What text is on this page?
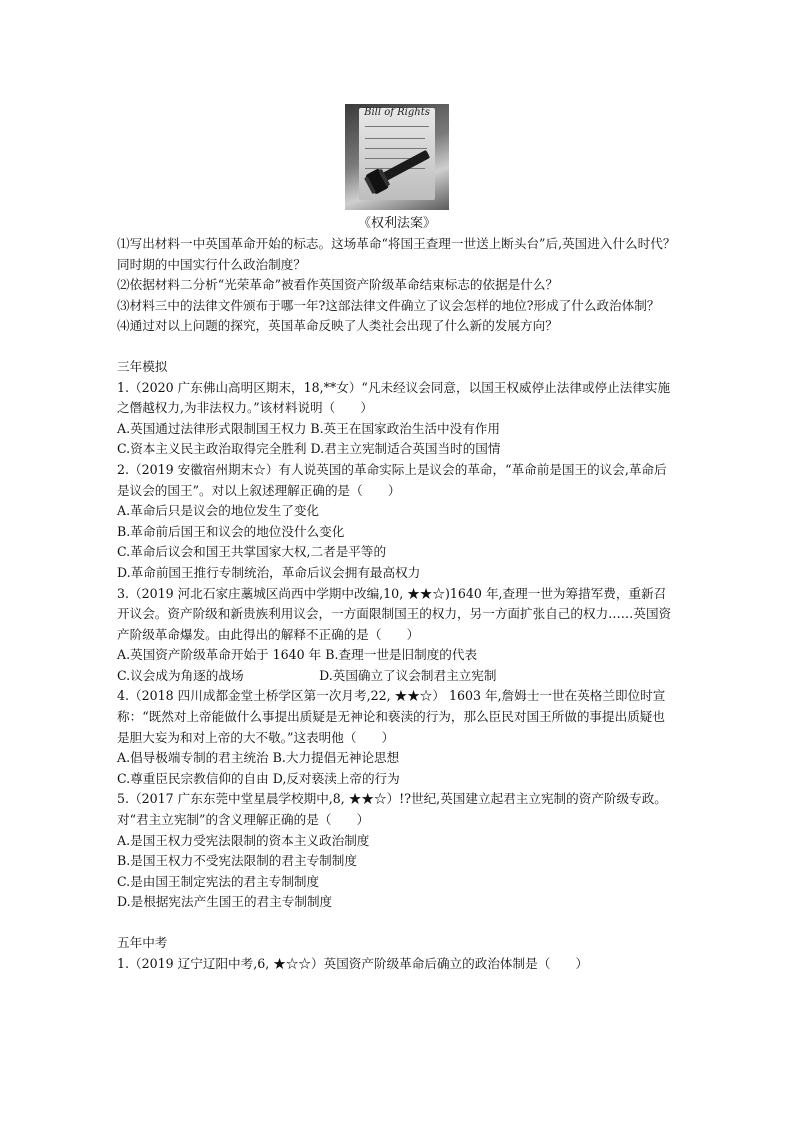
Bill of Rights
《权利法案》

⑴写出材料一中英国革命开始的标志。这场革命“将国王查理一世送上断头台”后,英国进入什么时代？同时期的中国实行什么政治制度？

⑵依据材料二分析“光荣革命”被看作英国资产阶级革命结束标志的依据是什么？

⑶材料三中的法律文件颁布于哪一年?这部法律文件确立了议会怎样的地位?形成了什么政治体制？

⑷通过对以上问题的探究，英国革命反映了人类社会出现了什么新的发展方向？

三年模拟

1.（2020 广东佛山高明区期末，18,**女）“凡未经议会同意，以国王权威停止法律或停止法律实施之僭越权力,为非法权力。”该材料说明（　　）

A.英国通过法律形式限制国王权力 B.英王在国家政治生活中没有作用

C.资本主义民主政治取得完全胜利 D.君主立宪制适合英国当时的国情

2.（2019 安徽宿州期末☆）有人说英国的革命实际上是议会的革命，“革命前是国王的议会,革命后是议会的国王”。对以上叙述理解正确的是（　　）

A.革命后只是议会的地位发生了变化

B.革命前后国王和议会的地位没什么变化

C.革命后议会和国王共掌国家大权,二者是平等的

D.革命前国王推行专制统治，革命后议会拥有最高权力

3.（2019 河北石家庄藁城区尚西中学期中改编,10, ★★☆)1640 年,查理一世为筹措军费，重新召开议会。资产阶级和新贵族利用议会，一方面限制国王的权力，另一方面扩张自己的权力……英国资产阶级革命爆发。由此得出的解释不正确的是（　　）

A.英国资产阶级革命开始于 1640 年 B.查理一世是旧制度的代表

C.议会成为角逐的战场　　　　　　D.英国确立了议会制君主立宪制

4.（2018 四川成都金堂土桥学区第一次月考,22, ★★☆） 1603 年,詹姆士一世在英格兰即位时宣称：“既然对上帝能做什么事提出质疑是无神论和亵渎的行为，那么臣民对国王所做的事提出质疑也是胆大妄为和对上帝的大不敬。”这表明他（　　）

A.倡导极端专制的君主统治 B.大力提倡无神论思想

C.尊重臣民宗教信仰的自由 D,反对亵渎上帝的行为

5.（2017 广东东莞中堂星晨学校期中,8, ★★☆）!?世纪,英国建立起君主立宪制的资产阶级专政。对“君主立宪制”的含义理解正确的是（　　）

A.是国王权力受宪法限制的资本主义政治制度

B.是国王权力不受宪法限制的君主专制制度

C.是由国王制定宪法的君主专制制度

D.是根据宪法产生国王的君主专制制度

五年中考

1.（2019 辽宁辽阳中考,6, ★☆☆）英国资产阶级革命后确立的政治体制是（　　）
